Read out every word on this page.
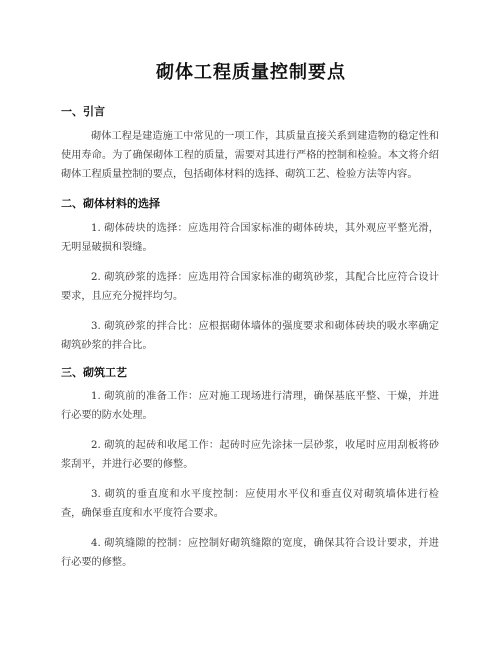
砌体工程质量控制要点
一、引言
砌体工程是建造施工中常见的一项工作，其质量直接关系到建造物的稳定性和使用寿命。为了确保砌体工程的质量，需要对其进行严格的控制和检验。本文将介绍砌体工程质量控制的要点，包括砌体材料的选择、砌筑工艺、检验方法等内容。
二、砌体材料的选择
1. 砌体砖块的选择：应选用符合国家标准的砌体砖块，其外观应平整光滑，无明显破损和裂缝。
2. 砌筑砂浆的选择：应选用符合国家标准的砌筑砂浆，其配合比应符合设计要求，且应充分搅拌均匀。
3. 砌筑砂浆的拌合比：应根据砌体墙体的强度要求和砌体砖块的吸水率确定砌筑砂浆的拌合比。
三、砌筑工艺
1. 砌筑前的准备工作：应对施工现场进行清理，确保基底平整、干燥，并进行必要的防水处理。
2. 砌筑的起砖和收尾工作：起砖时应先涂抹一层砂浆，收尾时应用刮板将砂浆刮平，并进行必要的修整。
3. 砌筑的垂直度和水平度控制：应使用水平仪和垂直仪对砌筑墙体进行检查，确保垂直度和水平度符合要求。
4. 砌筑缝隙的控制：应控制好砌筑缝隙的宽度，确保其符合设计要求，并进行必要的修整。
